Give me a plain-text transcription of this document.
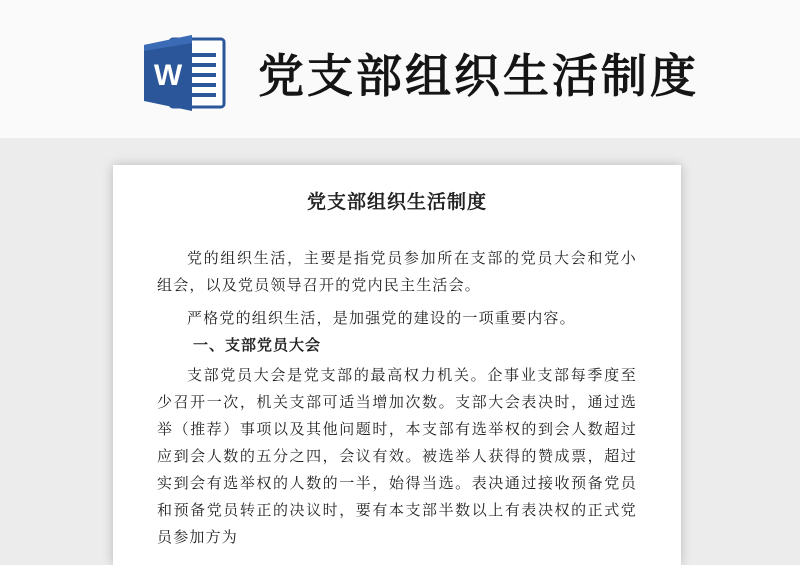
W 党支部组织生活制度
党支部组织生活制度
党的组织生活，主要是指党员参加所在支部的党员大会和党小组会，以及党员领导召开的党内民主生活会。
严格党的组织生活，是加强党的建设的一项重要内容。
一、支部党员大会
支部党员大会是党支部的最高权力机关。企事业支部每季度至少召开一次，机关支部可适当增加次数。支部大会表决时，通过选举（推荐）事项以及其他问题时，本支部有选举权的到会人数超过应到会人数的五分之四，会议有效。被选举人获得的赞成票，超过实到会有选举权的人数的一半，始得当选。表决通过接收预备党员和预备党员转正的决议时，要有本支部半数以上有表决权的正式党员参加方为
